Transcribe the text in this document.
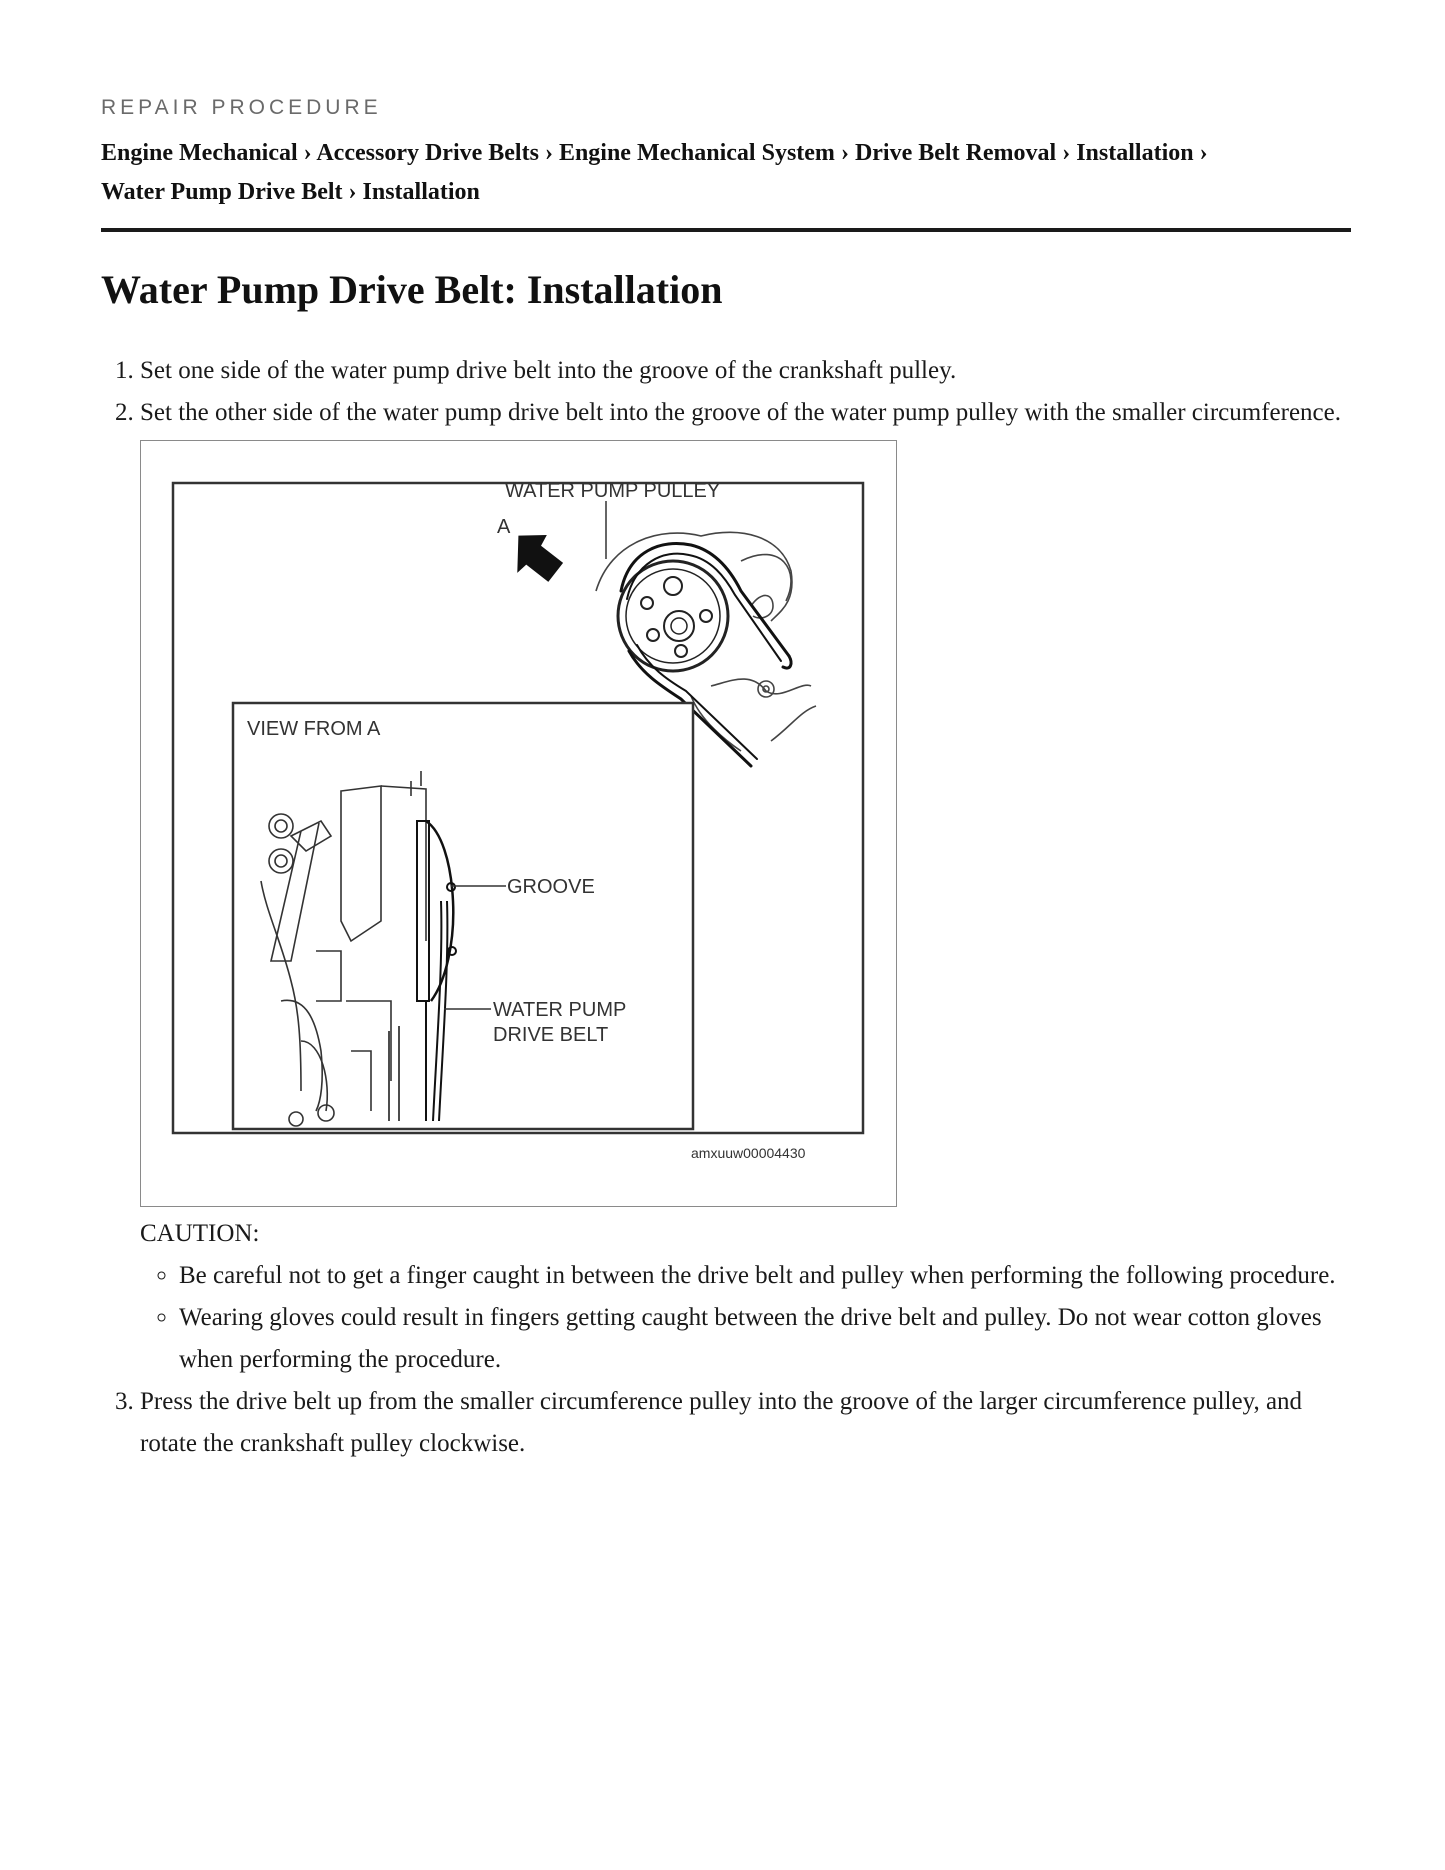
REPAIR PROCEDURE
Engine Mechanical › Accessory Drive Belts › Engine Mechanical System › Drive Belt Removal › Installation ›
Water Pump Drive Belt › Installation
Water Pump Drive Belt: Installation
1. Set one side of the water pump drive belt into the groove of the crankshaft pulley.
2. Set the other side of the water pump drive belt into the groove of the water pump pulley with the smaller circumference.
WATER PUMP PULLEY
A
VIEW FROM A
GROOVE
WATER PUMP
DRIVE BELT
amxuuw00004430
CAUTION:
◦ Be careful not to get a finger caught in between the drive belt and pulley when performing the following procedure.
◦ Wearing gloves could result in fingers getting caught between the drive belt and pulley. Do not wear cotton gloves when performing the procedure.
3. Press the drive belt up from the smaller circumference pulley into the groove of the larger circumference pulley, and rotate the crankshaft pulley clockwise.
